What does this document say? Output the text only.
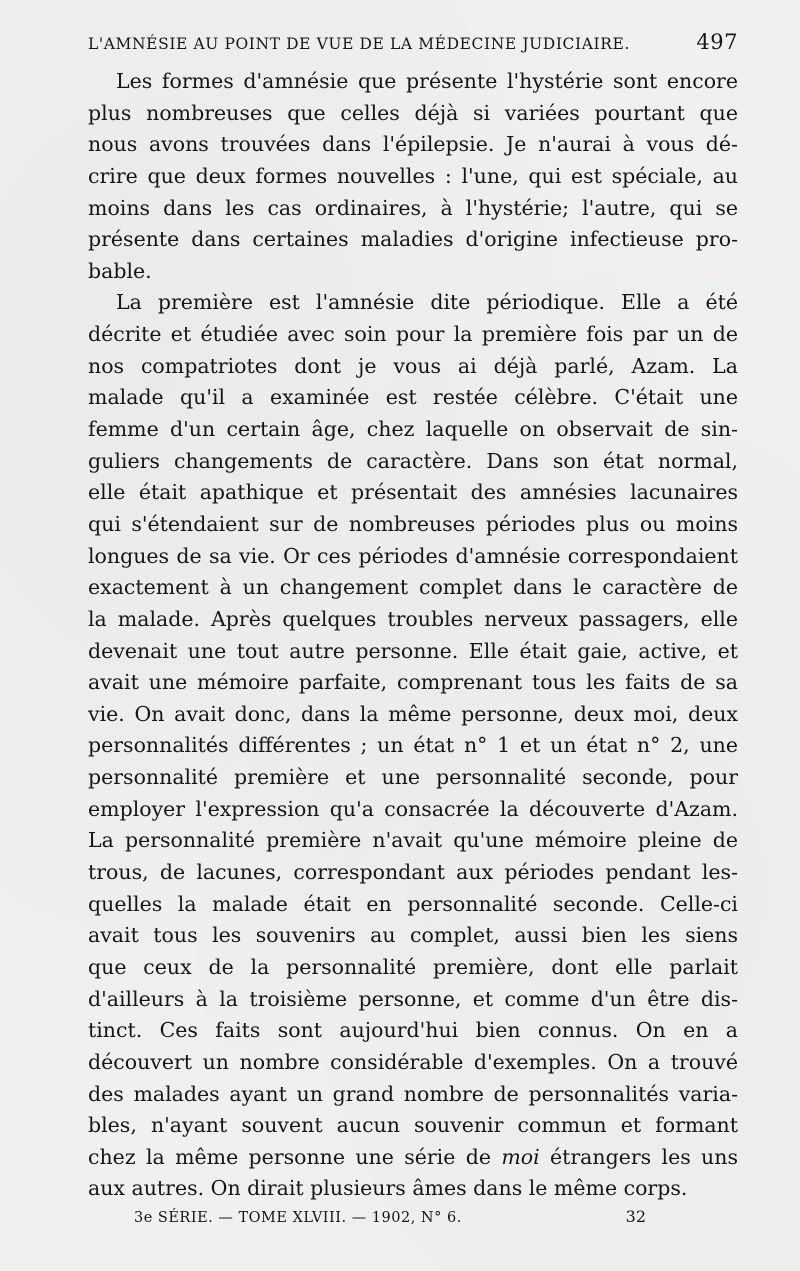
L'AMNÉSIE AU POINT DE VUE DE LA MÉDECINE JUDICIAIRE.	497
Les formes d'amnésie que présente l'hystérie sont encore
plus nombreuses que celles déjà si variées pourtant que
nous avons trouvées dans l'épilepsie. Je n'aurai à vous dé-
crire que deux formes nouvelles : l'une, qui est spéciale, au
moins dans les cas ordinaires, à l'hystérie; l'autre, qui se
présente dans certaines maladies d'origine infectieuse pro-
bable.
La première est l'amnésie dite périodique. Elle a été
décrite et étudiée avec soin pour la première fois par un de
nos compatriotes dont je vous ai déjà parlé, Azam. La
malade qu'il a examinée est restée célèbre. C'était une
femme d'un certain âge, chez laquelle on observait de sin-
guliers changements de caractère. Dans son état normal,
elle était apathique et présentait des amnésies lacunaires
qui s'étendaient sur de nombreuses périodes plus ou moins
longues de sa vie. Or ces périodes d'amnésie correspondaient
exactement à un changement complet dans le caractère de
la malade. Après quelques troubles nerveux passagers, elle
devenait une tout autre personne. Elle était gaie, active, et
avait une mémoire parfaite, comprenant tous les faits de sa
vie. On avait donc, dans la même personne, deux moi, deux
personnalités différentes ; un état n° 1 et un état n° 2, une
personnalité première et une personnalité seconde, pour
employer l'expression qu'a consacrée la découverte d'Azam.
La personnalité première n'avait qu'une mémoire pleine de
trous, de lacunes, correspondant aux périodes pendant les-
quelles la malade était en personnalité seconde. Celle-ci
avait tous les souvenirs au complet, aussi bien les siens
que ceux de la personnalité première, dont elle parlait
d'ailleurs à la troisième personne, et comme d'un être dis-
tinct. Ces faits sont aujourd'hui bien connus. On en a
découvert un nombre considérable d'exemples. On a trouvé
des malades ayant un grand nombre de personnalités varia-
bles, n'ayant souvent aucun souvenir commun et formant
chez la même personne une série de moi étrangers les uns
aux autres. On dirait plusieurs âmes dans le même corps.
3e SÉRIE. — TOME XLVIII. — 1902, N° 6.	32
